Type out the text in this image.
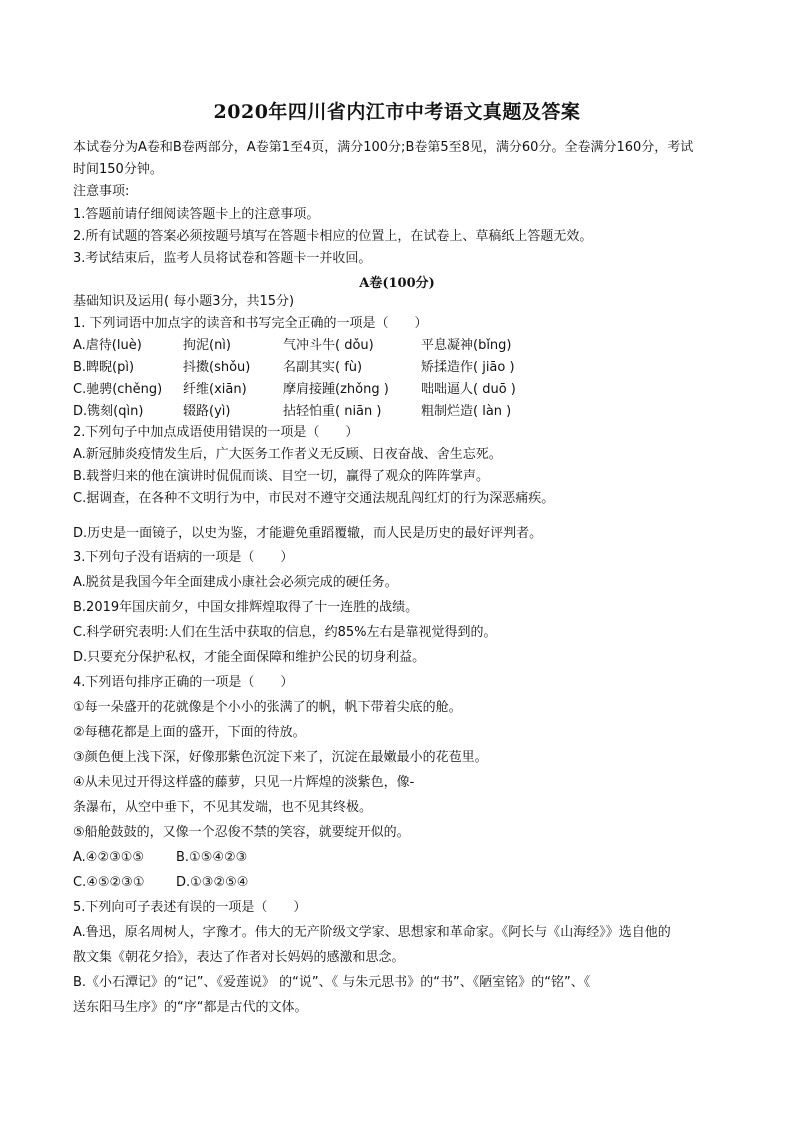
2020年四川省内江市中考语文真题及答案
本试卷分为A卷和B卷两部分，A卷第1至4页，满分100分;B卷第5至8见，满分60分。全卷满分160分，考试
时间150分钟。
注意事项:
1.答题前请仔细阅读答题卡上的注意事项。
2.所有试题的答案必须按题号填写在答题卡相应的位置上，在试卷上、草稿纸上答题无效。
3.考试结束后，监考人员将试卷和答题卡一并收回。
A卷(100分)
基础知识及运用( 每小题3分，共15分)
1. 下列词语中加点字的读音和书写完全正确的一项是（　　）
A.虐待(luè)	拘泥(nì)	气冲斗牛( dǒu)	平息凝神(bǐng)
B.睥睨(pì)	抖擞(shǒu)	名副其实( fù)	矫揉造作( jiāo )
C.驰骋(chěng) 纤维(xiān)	摩肩接踵(zhǒng ) 咄咄逼人( duō )
D.镌刻(qìn)	辍路(yì)	拈轻怕重( niān )	粗制烂造( làn )
2.下列句子中加点成语使用错误的一项是（　　）
A.新冠肺炎疫情发生后，广大医务工作者义无反顾、日夜奋战、舍生忘死。
B.载誉归来的他在演讲时侃侃而谈、目空一切，赢得了观众的阵阵掌声。
C.据调查，在各种不文明行为中，市民对不遵守交通法规乱闯红灯的行为深恶痛疾。
D.历史是一面镜子，以史为鉴，才能避免重蹈覆辙，而人民是历史的最好评判者。
3.下列句子没有语病的一项是（　　）
A.脱贫是我国今年全面建成小康社会必须完成的硬任务。
B.2019年国庆前夕，中国女排辉煌取得了十一连胜的战绩。
C.科学研究表明:人们在生活中获取的信息，约85%左右是靠视觉得到的。
D.只要充分保护私权，才能全面保障和维护公民的切身利益。
4.下列语句排序正确的一项是（　　）
①每一朵盛开的花就像是个小小的张满了的帆，帆下带着尖底的舱。
②每穗花都是上面的盛开，下面的待放。
③颜色便上浅下深，好像那紫色沉淀下来了，沉淀在最嫩最小的花苞里。
④从未见过开得这样盛的藤萝，只见一片辉煌的淡紫色，像-
条瀑布，从空中垂下，不见其发端，也不见其终极。
⑤船舱鼓鼓的，又像一个忍俊不禁的笑容，就要绽开似的。
A.④②③①⑤ B.①⑤④②③
C.④⑤②③① D.①③②⑤④
5.下列向可子表述有误的一项是（　　）
A.鲁迅，原名周树人，字豫才。伟大的无产阶级文学家、思想家和革命家。《阿长与《山海经》》选自他的
散文集《朝花夕拾》，表达了作者对长妈妈的感激和思念。
B.《小石潭记》的“记”、《爱莲说》 的“说”、《 与朱元思书》的“书”、《陋室铭》的“铭”、《
送东阳马生序》的“序“都是古代的文体。
